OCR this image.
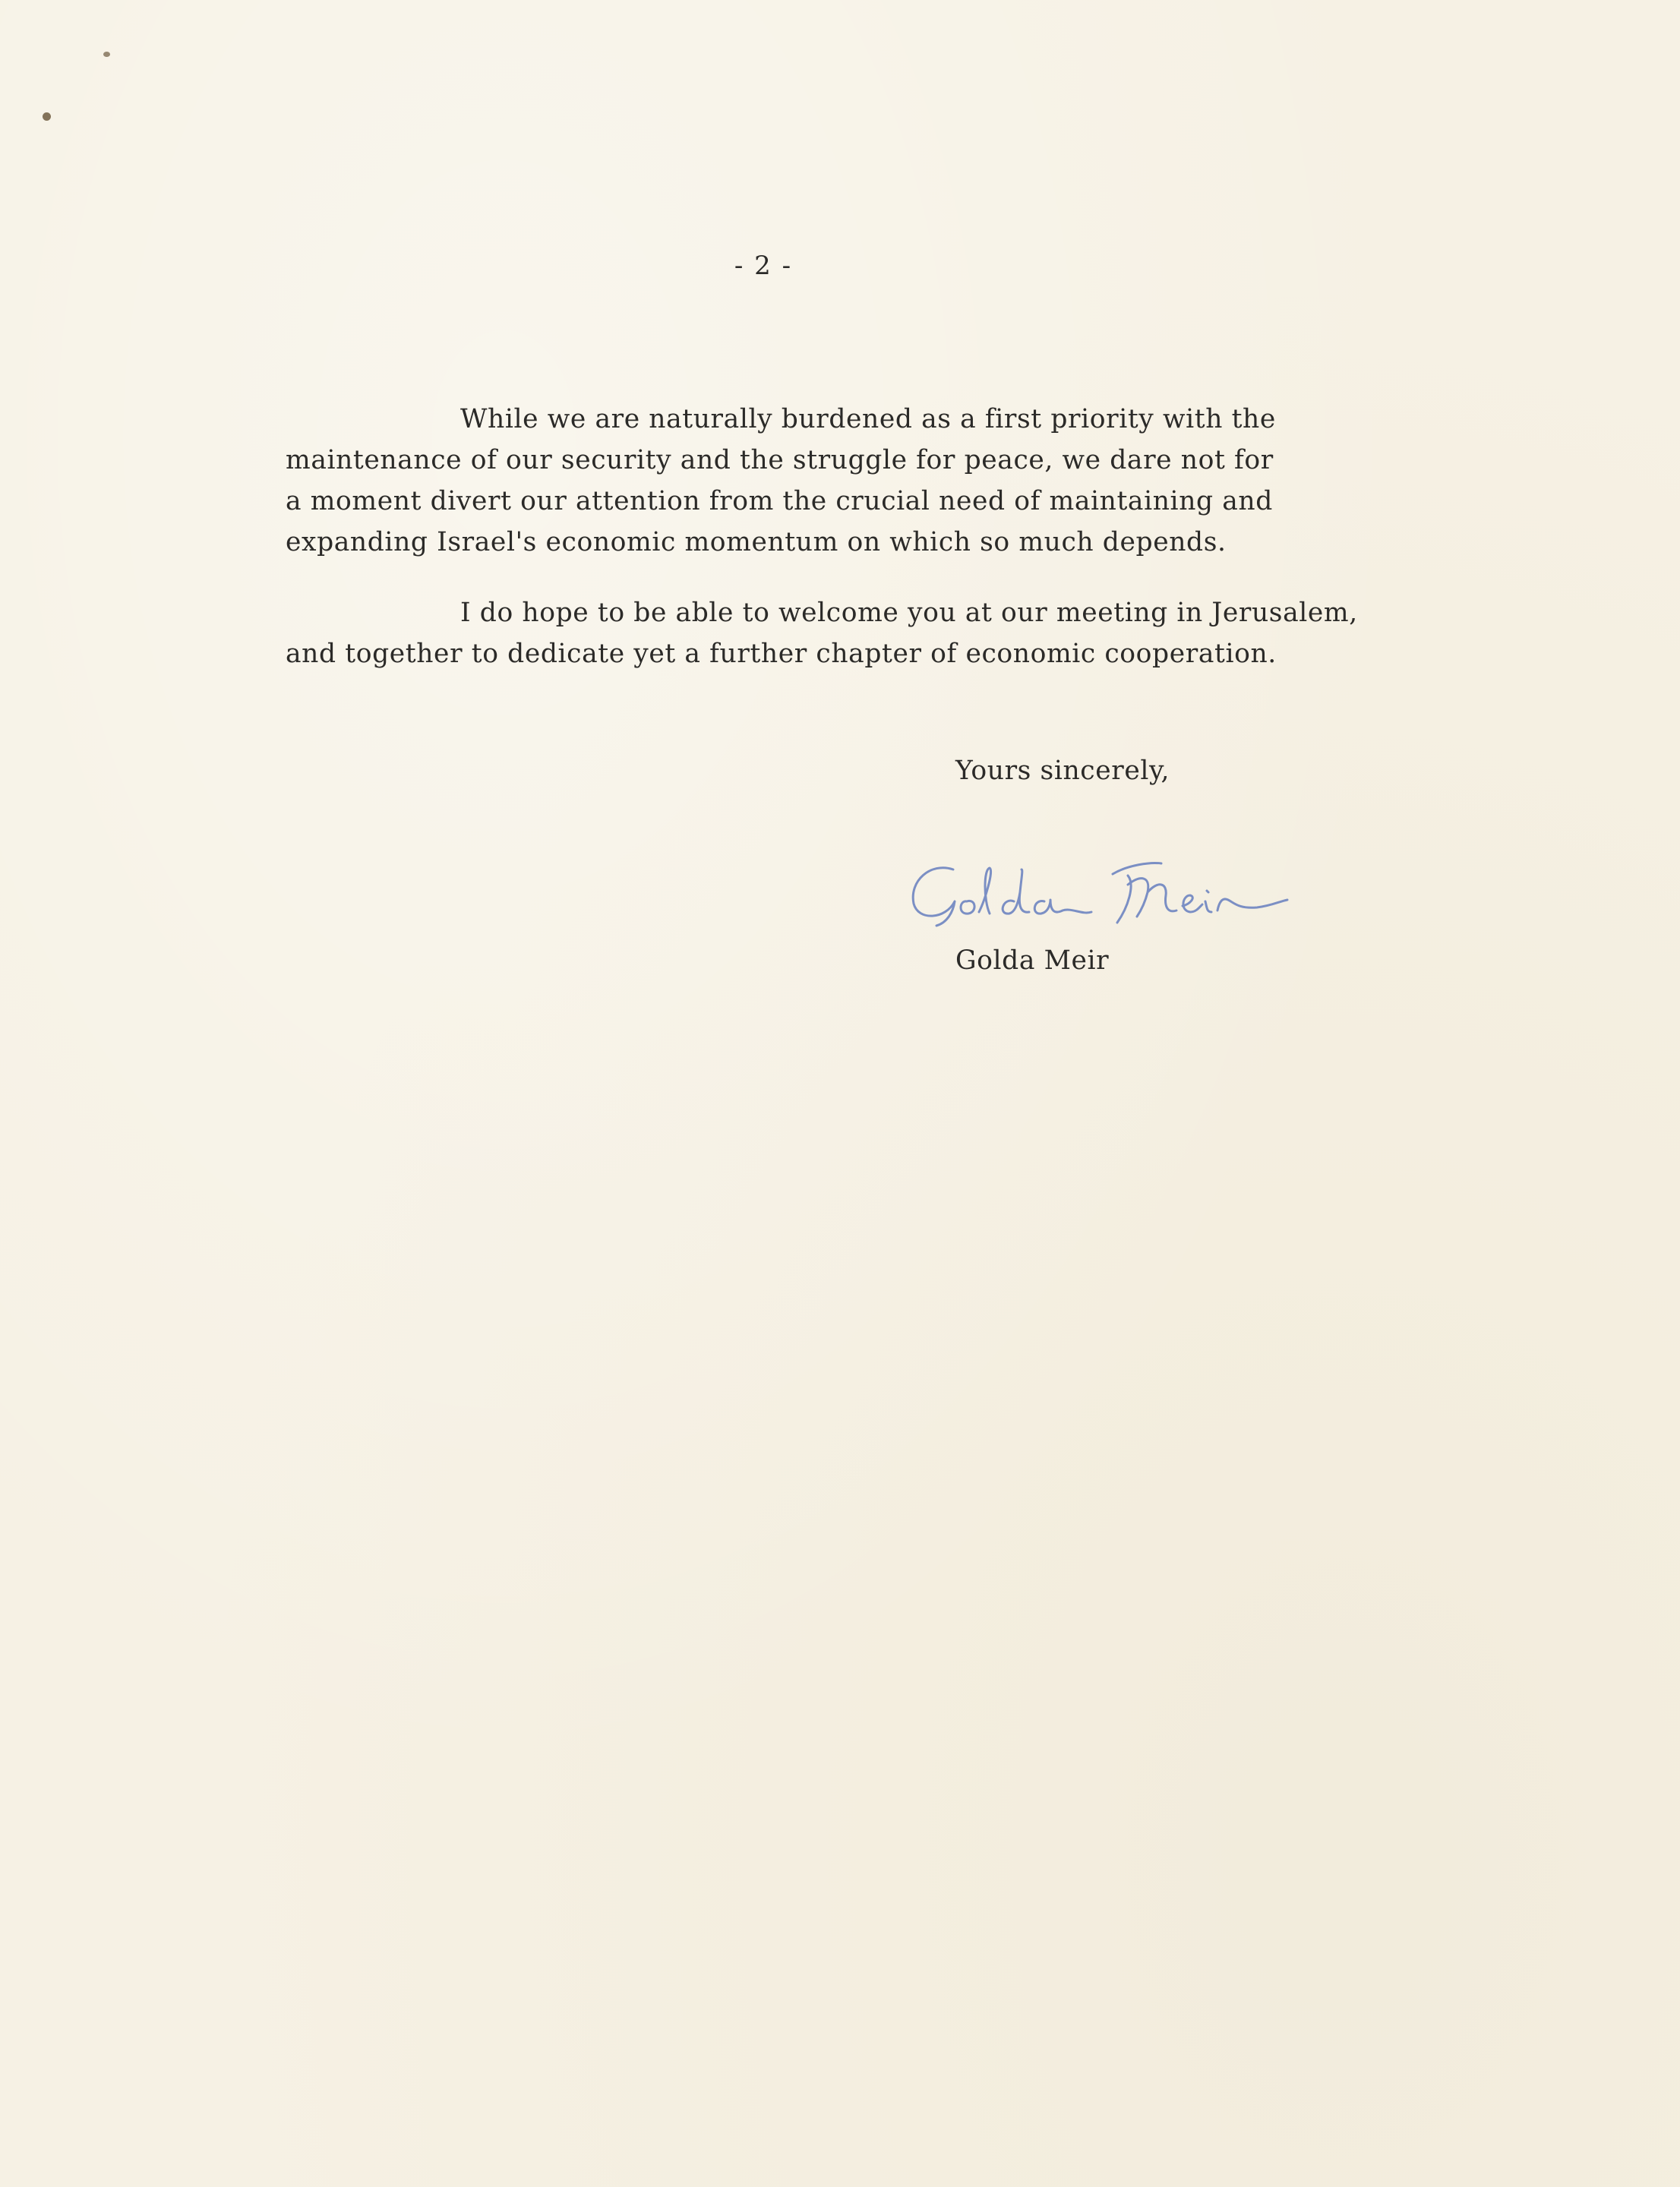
- 2 -
While we are naturally burdened as a first priority with the
maintenance of our security and the struggle for peace, we dare not for
a moment divert our attention from the crucial need of maintaining and
expanding Israel's economic momentum on which so much depends.
I do hope to be able to welcome you at our meeting in Jerusalem,
and together to dedicate yet a further chapter of economic cooperation.
Yours sincerely,
Golda Meir
